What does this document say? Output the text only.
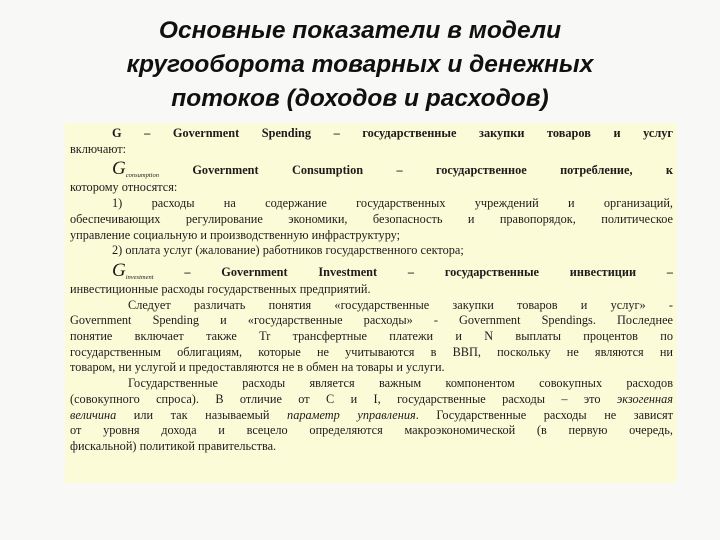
Основные показатели в модели
кругооборота товарных и денежных
потоков (доходов и расходов)
G – Government Spending – государственные закупки товаров и услуг
включают:
$G_{consumption}$	Government Consumption	– государственное потребление, к
которому относятся:
1) расходы на содержание государственных учреждений и организаций,
обеспечивающих регулирование экономики, безопасность и правопорядок, политическое
управление социальную и производственную инфраструктуру;
2) оплата услуг (жалование) работников государственного сектора;
$G_{investment}$	– Government Investment	– государственные инвестиции –
инвестиционные расходы государственных предприятий.
Следует различать понятия «государственные закупки товаров и услуг» -
Government Spending и «государственные расходы» - Government Spendings. Последнее
понятие включает также Tr трансфертные платежи и N выплаты процентов по
государственным облигациям, которые не учитываются в ВВП, поскольку не являются ни
товаром, ни услугой и предоставляются не в обмен на товары и услуги.
Государственные расходы является важным компонентом совокупных расходов
(совокупного спроса). В отличие от С и I, государственные расходы – это экзогенная
величина или так называемый параметр управления. Государственные расходы не зависят
от уровня дохода и всецело определяются макроэкономической (в первую очередь,
фискальной) политикой правительства.
